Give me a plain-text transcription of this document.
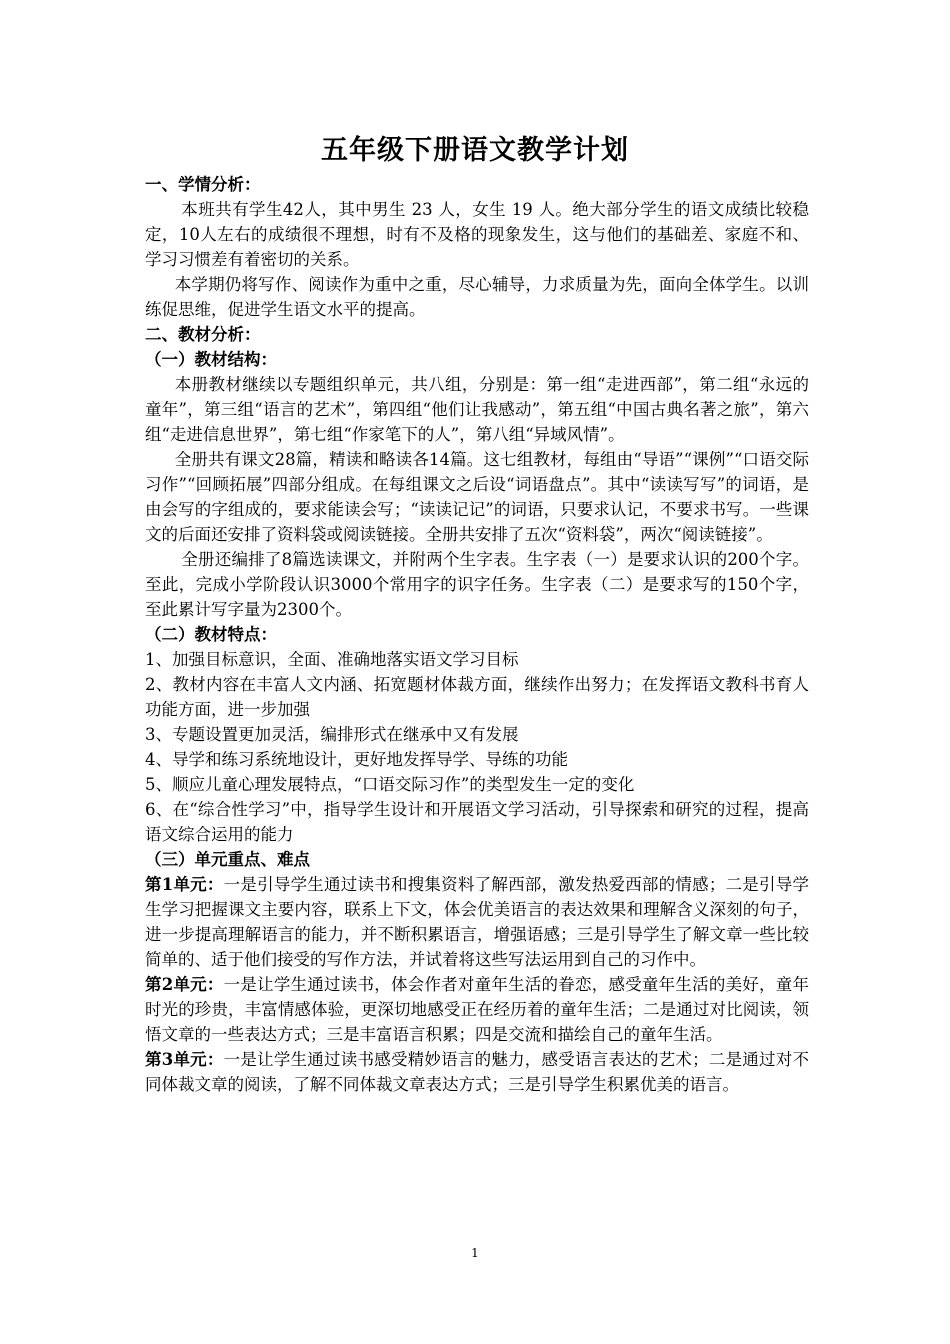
五年级下册语文教学计划

一、学情分析：

本班共有学生42人，其中男生 23 人，女生 19 人。绝大部分学生的语文成绩比较稳定，10人左右的成绩很不理想，时有不及格的现象发生，这与他们的基础差、家庭不和、学习习惯差有着密切的关系。

本学期仍将写作、阅读作为重中之重，尽心辅导，力求质量为先，面向全体学生。以训练促思维，促进学生语文水平的提高。

二、教材分析：

（一）教材结构：

本册教材继续以专题组织单元，共八组，分别是：第一组“走进西部”，第二组“永远的童年”，第三组“语言的艺术”，第四组“他们让我感动”，第五组“中国古典名著之旅”，第六组“走进信息世界”，第七组“作家笔下的人”，第八组“异域风情”。

全册共有课文28篇，精读和略读各14篇。这七组教材，每组由“导语”“课例”“口语交际习作”“回顾拓展”四部分组成。在每组课文之后设“词语盘点”。其中“读读写写”的词语，是由会写的字组成的，要求能读会写；“读读记记”的词语，只要求认记，不要求书写。一些课文的后面还安排了资料袋或阅读链接。全册共安排了五次“资料袋”，两次“阅读链接”。

全册还编排了8篇选读课文，并附两个生字表。生字表（一）是要求认识的200个字。至此，完成小学阶段认识3000个常用字的识字任务。生字表（二）是要求写的150个字，至此累计写字量为2300个。

（二）教材特点：

1、加强目标意识，全面、准确地落实语文学习目标

2、教材内容在丰富人文内涵、拓宽题材体裁方面，继续作出努力；在发挥语文教科书育人功能方面，进一步加强

3、专题设置更加灵活，编排形式在继承中又有发展

4、导学和练习系统地设计，更好地发挥导学、导练的功能

5、顺应儿童心理发展特点，“口语交际习作”的类型发生一定的变化

6、在“综合性学习”中，指导学生设计和开展语文学习活动，引导探索和研究的过程，提高语文综合运用的能力

（三）单元重点、难点

第1单元：一是引导学生通过读书和搜集资料了解西部，激发热爱西部的情感；二是引导学生学习把握课文主要内容，联系上下文，体会优美语言的表达效果和理解含义深刻的句子，进一步提高理解语言的能力，并不断积累语言，增强语感；三是引导学生了解文章一些比较简单的、适于他们接受的写作方法，并试着将这些写法运用到自己的习作中。

第2单元：一是让学生通过读书，体会作者对童年生活的眷恋，感受童年生活的美好，童年时光的珍贵，丰富情感体验，更深切地感受正在经历着的童年生活；二是通过对比阅读，领悟文章的一些表达方式；三是丰富语言积累；四是交流和描绘自己的童年生活。

第3单元：一是让学生通过读书感受精妙语言的魅力，感受语言表达的艺术；二是通过对不同体裁文章的阅读，了解不同体裁文章表达方式；三是引导学生积累优美的语言。

1
